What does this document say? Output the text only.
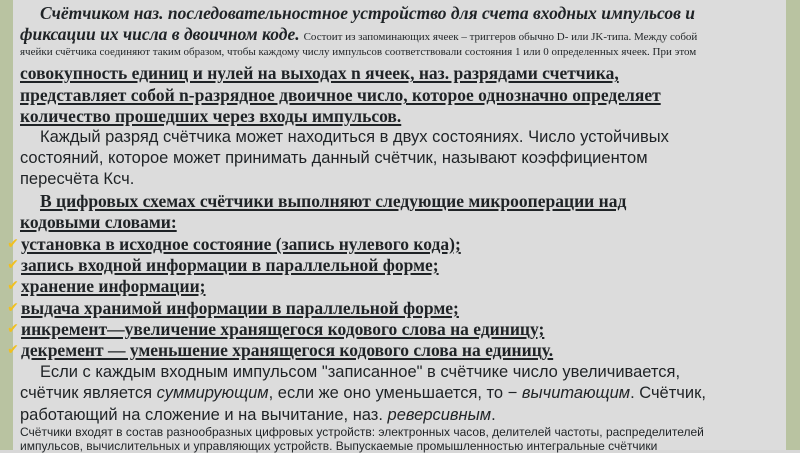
Счётчиком наз. последовательностное устройство для счета входных импульсов и
фиксации их числа в двоичном коде. Состоит из запоминающих ячеек – триггеров обычно D- или JK-типа. Между собой
ячейки счётчика соединяют таким образом, чтобы каждому числу импульсов соответствовали состояния 1 или 0 определенных ячеек. При этом
совокупность единиц и нулей на выходах n ячеек, наз. разрядами счетчика,
представляет собой n-разрядное двоичное число, которое однозначно определяет
количество прошедших через входы импульсов.
Каждый разряд счётчика может находиться в двух состояниях. Число устойчивых
состояний, которое может принимать данный счётчик, называют коэффициентом
пересчёта Ксч.
В цифровых схемах счётчики выполняют следующие микрооперации над
кодовыми словами:
✔ установка в исходное состояние (запись нулевого кода);
✔ запись входной информации в параллельной форме;
✔ хранение информации;
✔ выдача хранимой информации в параллельной форме;
✔ инкремент—увеличение хранящегося кодового слова на единицу;
✔ декремент — уменьшение хранящегося кодового слова на единицу.
Если с каждым входным импульсом "записанное" в счётчике число увеличивается,
счётчик является суммирующим, если же оно уменьшается, то − вычитающим. Счётчик,
работающий на сложение и на вычитание, наз. реверсивным.
Счётчики входят в состав разнообразных цифровых устройств: электронных часов, делителей частоты, распределителей
импульсов, вычислительных и управляющих устройств. Выпускаемые промышленностью интегральные счётчики
